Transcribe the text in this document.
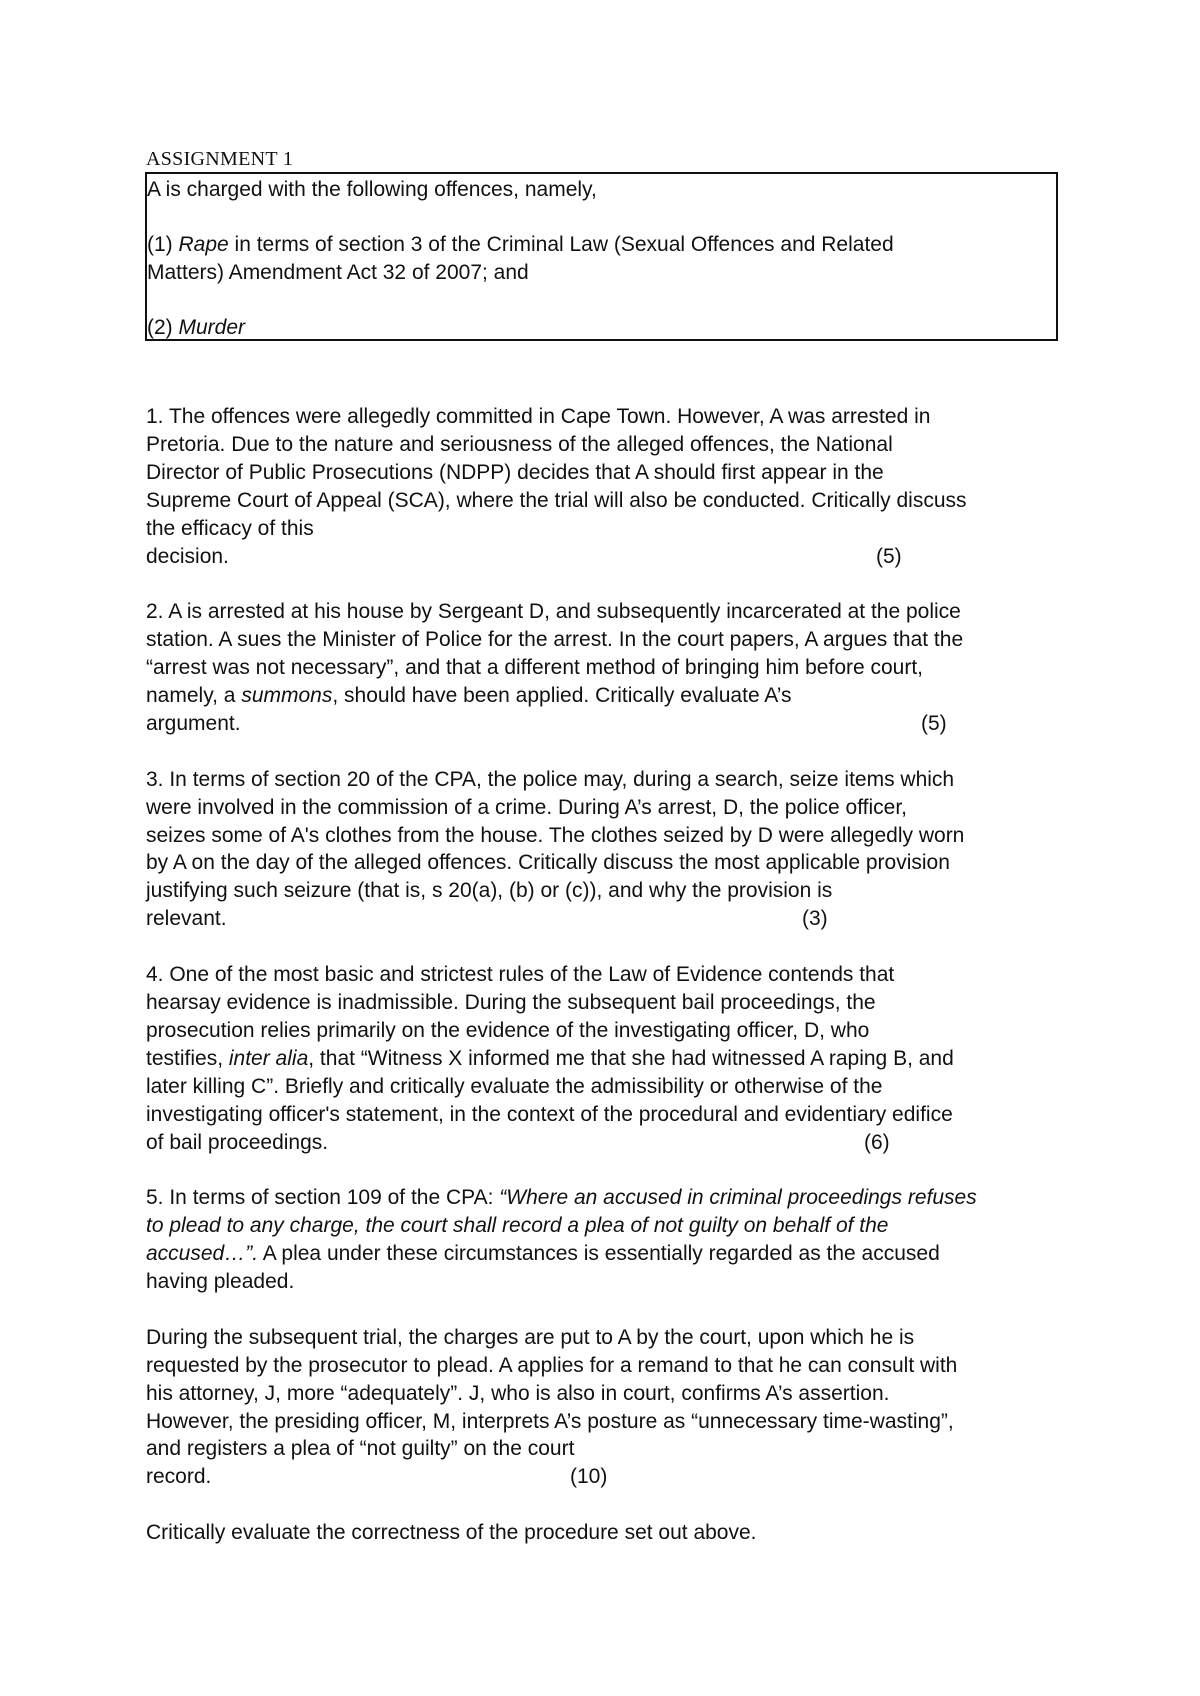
ASSIGNMENT 1

A is charged with the following offences, namely,

(1) Rape in terms of section 3 of the Criminal Law (Sexual Offences and Related

Matters) Amendment Act 32 of 2007; and

(2) Murder

1. The offences were allegedly committed in Cape Town. However, A was arrested in

Pretoria. Due to the nature and seriousness of the alleged offences, the National

Director of Public Prosecutions (NDPP) decides that A should first appear in the

Supreme Court of Appeal (SCA), where the trial will also be conducted. Critically discuss

the efficacy of this

decision.	(5)

2. A is arrested at his house by Sergeant D, and subsequently incarcerated at the police

station. A sues the Minister of Police for the arrest. In the court papers, A argues that the

“arrest was not necessary”, and that a different method of bringing him before court,

namely, a summons, should have been applied. Critically evaluate A’s

argument.	(5)

3. In terms of section 20 of the CPA, the police may, during a search, seize items which

were involved in the commission of a crime. During A’s arrest, D, the police officer,

seizes some of A's clothes from the house. The clothes seized by D were allegedly worn

by A on the day of the alleged offences. Critically discuss the most applicable provision

justifying such seizure (that is, s 20(a), (b) or (c)), and why the provision is

relevant.	(3)

4. One of the most basic and strictest rules of the Law of Evidence contends that

hearsay evidence is inadmissible. During the subsequent bail proceedings, the

prosecution relies primarily on the evidence of the investigating officer, D, who

testifies, inter alia, that “Witness X informed me that she had witnessed A raping B, and

later killing C”. Briefly and critically evaluate the admissibility or otherwise of the

investigating officer's statement, in the context of the procedural and evidentiary edifice

of bail proceedings.	(6)

5. In terms of section 109 of the CPA: “Where an accused in criminal proceedings refuses

to plead to any charge, the court shall record a plea of not guilty on behalf of the

accused…”. A plea under these circumstances is essentially regarded as the accused

having pleaded.

During the subsequent trial, the charges are put to A by the court, upon which he is

requested by the prosecutor to plead. A applies for a remand to that he can consult with

his attorney, J, more “adequately”. J, who is also in court, confirms A’s assertion.

However, the presiding officer, M, interprets A’s posture as “unnecessary time-wasting”,

and registers a plea of “not guilty” on the court

record.	(10)

Critically evaluate the correctness of the procedure set out above.
